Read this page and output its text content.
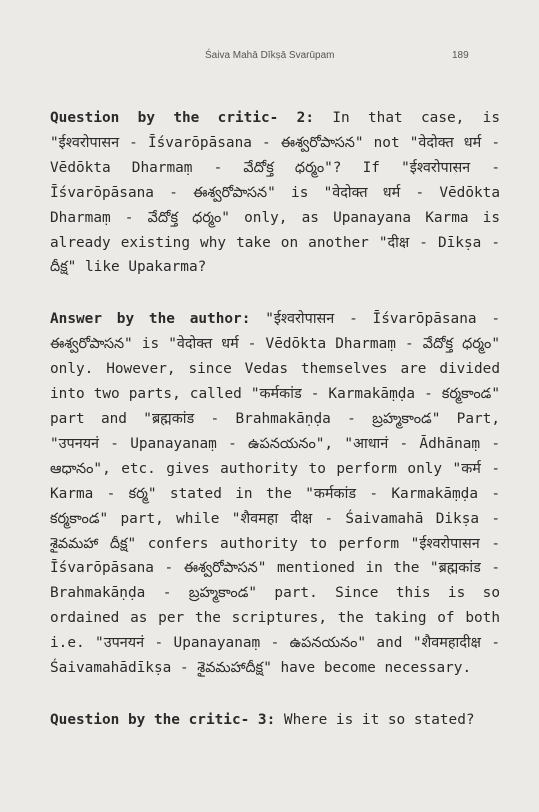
Śaiva Mahā Dīkṣā Svarūpam	189

Question by the critic- 2: In that case, is "ईश्वरोपासन - Īśvarōpāsana - ఈశ్వరోపాసన" not "वेदोक्त धर्म - Vēdōkta Dharmaṃ - వేదోక్త ధర్మం"? If "ईश्वरोपासन - Īśvarōpāsana - ఈశ్వరోపాసన" is "वेदोक्त धर्म - Vēdōkta Dharmaṃ - వేదోక్త ధర్మం" only, as Upanayana Karma is already existing why take on another "दीक्ष - Dīkṣa - దీక్ష" like Upakarma?

Answer by the author: "ईश्वरोपासन - Īśvarōpāsana - ఈశ్వరోపాసన" is "वेदोक्त धर्म - Vēdōkta Dharmaṃ - వేదోక్త ధర్మం" only. However, since Vedas themselves are divided into two parts, called "कर्मकांड - Karmakāṃḍa - కర్మకాండ" part and "ब्रह्मकांड - Brahmakāṇḍa - బ్రహ్మకాండ" Part, "उपनयनं - Upanayanaṃ - ఉపనయనం", "आधानं - Ādhānaṃ - ఆధానం", etc. gives authority to perform only "कर्म - Karma - కర్మ" stated in the "कर्मकांड - Karmakāṃḍa - కర్మకాండ" part, while "शैवमहा दीक्ष - Śaivamahā Dikṣa - శైవమహా దీక్ష" confers authority to perform "ईश्वरोपासन - Īśvarōpāsana - ఈశ్వరోపాసన" mentioned in the "ब्रह्मकांड - Brahmakāṇḍa - బ్రహ్మకాండ" part. Since this is so ordained as per the scriptures, the taking of both i.e. "उपनयनं - Upanayanaṃ - ఉపనయనం" and "शैवमहादीक्ष - Śaivamahādīkṣa - శైవమహాదీక్ష" have become necessary.

Question by the critic- 3: Where is it so stated?
